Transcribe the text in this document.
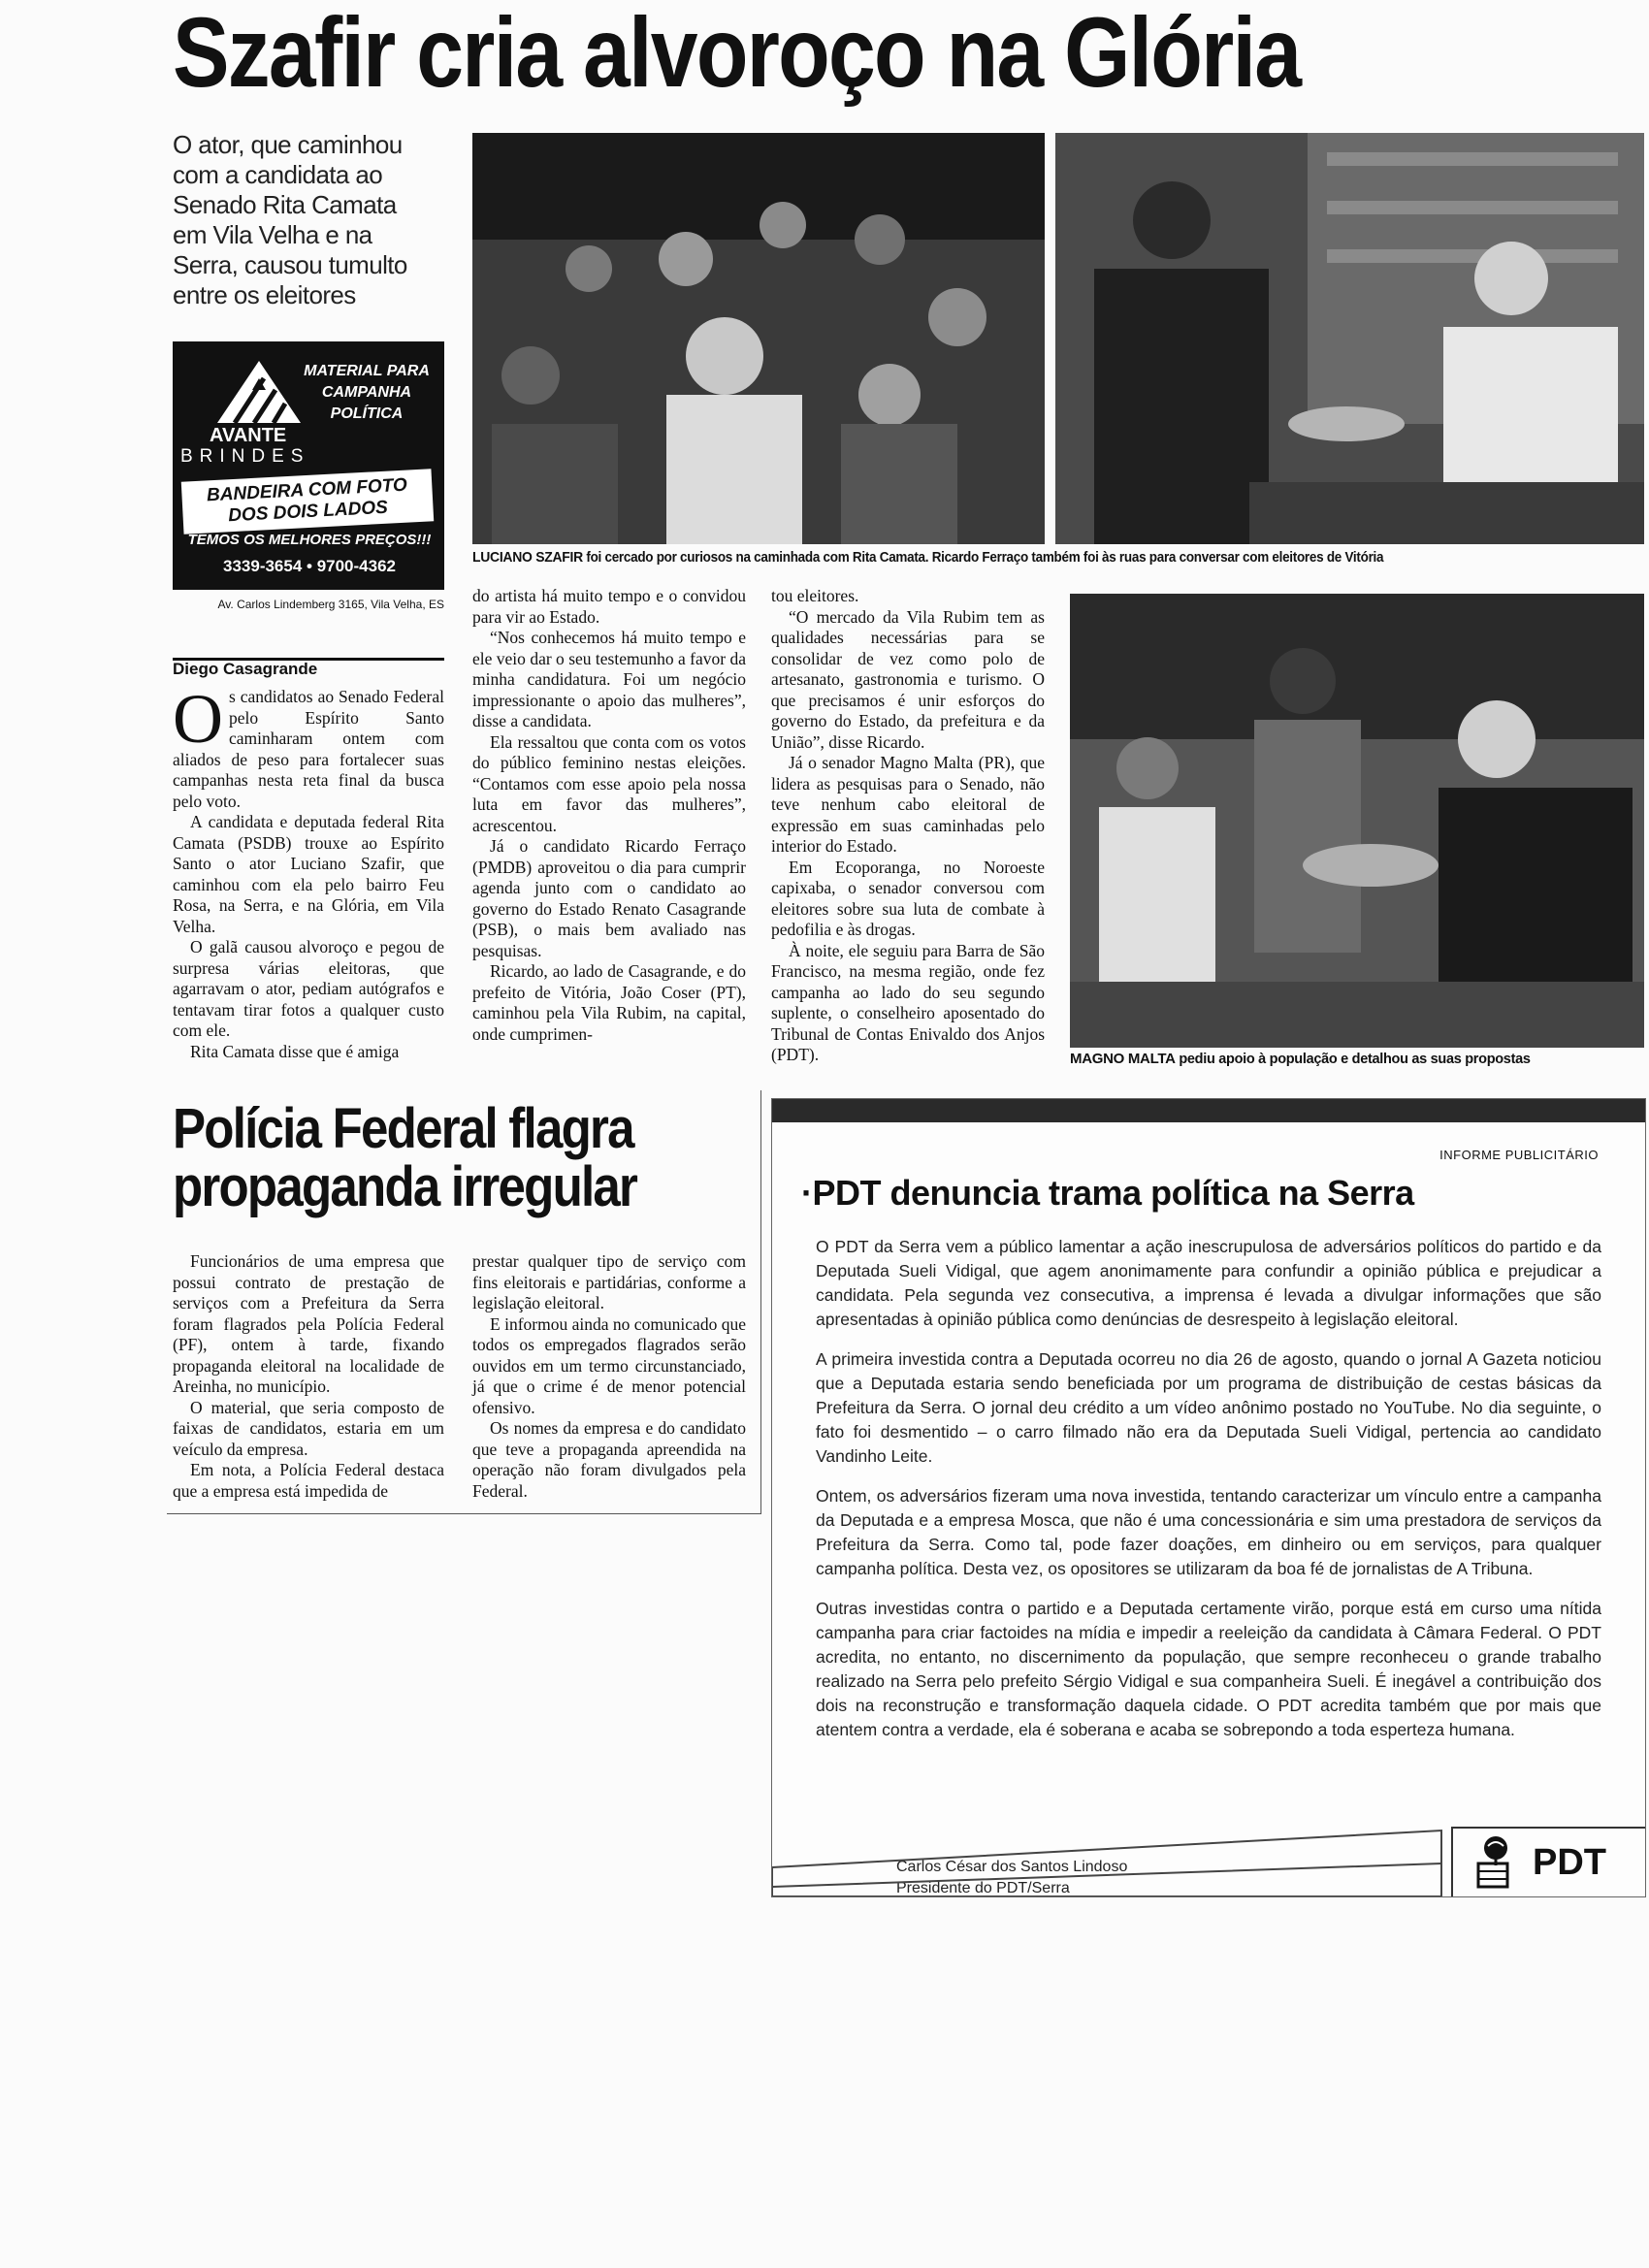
Szafir cria alvoroço na Glória
O ator, que caminhou com a candidata ao Senado Rita Camata em Vila Velha e na Serra, causou tumulto entre os eleitores
AVANTE
BRINDES
MATERIAL PARA
CAMPANHA
POLÍTICA
BANDEIRA COM FOTO
DOS DOIS LADOS
TEMOS OS MELHORES PREÇOS!!!
3339-3654 • 9700-4362
Av. Carlos Lindemberg 3165, Vila Velha, ES
Diego Casagrande
LUCIANO SZAFIR foi cercado por curiosos na caminhada com Rita Camata. Ricardo Ferraço também foi às ruas para conversar com eleitores de Vitória

Os candidatos ao Senado Federal pelo Espírito Santo caminharam ontem com aliados de peso para fortalecer suas campanhas nesta reta final da busca pelo voto.

A candidata e deputada federal Rita Camata (PSDB) trouxe ao Espírito Santo o ator Luciano Szafir, que caminhou com ela pelo bairro Feu Rosa, na Serra, e na Glória, em Vila Velha.

O galã causou alvoroço e pegou de surpresa várias eleitoras, que agarravam o ator, pediam autógrafos e tentavam tirar fotos a qualquer custo com ele.

Rita Camata disse que é amiga

do artista há muito tempo e o convidou para vir ao Estado.

“Nos conhecemos há muito tempo e ele veio dar o seu testemunho a favor da minha candidatura. Foi um negócio impressionante o apoio das mulheres”, disse a candidata.

Ela ressaltou que conta com os votos do público feminino nestas eleições. “Contamos com esse apoio pela nossa luta em favor das mulheres”, acrescentou.

Já o candidato Ricardo Ferraço (PMDB) aproveitou o dia para cumprir agenda junto com o candidato ao governo do Estado Renato Casagrande (PSB), o mais bem avaliado nas pesquisas.

Ricardo, ao lado de Casagrande, e do prefeito de Vitória, João Coser (PT), caminhou pela Vila Rubim, na capital, onde cumprimen-

tou eleitores.

“O mercado da Vila Rubim tem as qualidades necessárias para se consolidar de vez como polo de artesanato, gastronomia e turismo. O que precisamos é unir esforços do governo do Estado, da prefeitura e da União”, disse Ricardo.

Já o senador Magno Malta (PR), que lidera as pesquisas para o Senado, não teve nenhum cabo eleitoral de expressão em suas caminhadas pelo interior do Estado.

Em Ecoporanga, no Noroeste capixaba, o senador conversou com eleitores sobre sua luta de combate à pedofilia e às drogas.

À noite, ele seguiu para Barra de São Francisco, na mesma região, onde fez campanha ao lado do seu segundo suplente, o conselheiro aposentado do Tribunal de Contas Enivaldo dos Anjos (PDT).	MAGNO MALTA pediu apoio à população e detalhou as suas propostas
Polícia Federal flagra
propaganda irregular

Funcionários de uma empresa que possui contrato de prestação de serviços com a Prefeitura da Serra foram flagrados pela Polícia Federal (PF), ontem à tarde, fixando propaganda eleitoral na localidade de Areinha, no município.

O material, que seria composto de faixas de candidatos, estaria em um veículo da empresa.

Em nota, a Polícia Federal destaca que a empresa está impedida de

prestar qualquer tipo de serviço com fins eleitorais e partidárias, conforme a legislação eleitoral.

E informou ainda no comunicado que todos os empregados flagrados serão ouvidos em um termo circunstanciado, já que o crime é de menor potencial ofensivo.

Os nomes da empresa e do candidato que teve a propaganda apreendida na operação não foram divulgados pela Federal.

INFORME PUBLICITÁRIO
·PDT denuncia trama política na Serra

O PDT da Serra vem a público lamentar a ação inescrupulosa de adversários políticos do partido e da Deputada Sueli Vidigal, que agem anonimamente para confundir a opinião pública e prejudicar a candidata. Pela segunda vez consecutiva, a imprensa é levada a divulgar informações que são apresentadas à opinião pública como denúncias de desrespeito à legislação eleitoral.

A primeira investida contra a Deputada ocorreu no dia 26 de agosto, quando o jornal A Gazeta noticiou que a Deputada estaria sendo beneficiada por um programa de distribuição de cestas básicas da Prefeitura da Serra. O jornal deu crédito a um vídeo anônimo postado no YouTube. No dia seguinte, o fato foi desmentido – o carro filmado não era da Deputada Sueli Vidigal, pertencia ao candidato Vandinho Leite.

Ontem, os adversários fizeram uma nova investida, tentando caracterizar um vínculo entre a campanha da Deputada e a empresa Mosca, que não é uma concessionária e sim uma prestadora de serviços da Prefeitura da Serra. Como tal, pode fazer doações, em dinheiro ou em serviços, para qualquer campanha política. Desta vez, os opositores se utilizaram da boa fé de jornalistas de A Tribuna.

Outras investidas contra o partido e a Deputada certamente virão, porque está em curso uma nítida campanha para criar factoides na mídia e impedir a reeleição da candidata à Câmara Federal. O PDT acredita, no entanto, no discernimento da população, que sempre reconheceu o grande trabalho realizado na Serra pelo prefeito Sérgio Vidigal e sua companheira Sueli. É inegável a contribuição dos dois na reconstrução e transformação daquela cidade. O PDT acredita também que por mais que atentem contra a verdade, ela é soberana e acaba se sobrepondo a toda esperteza humana.

Carlos César dos Santos Lindoso
Presidente do PDT/Serra
PDT
